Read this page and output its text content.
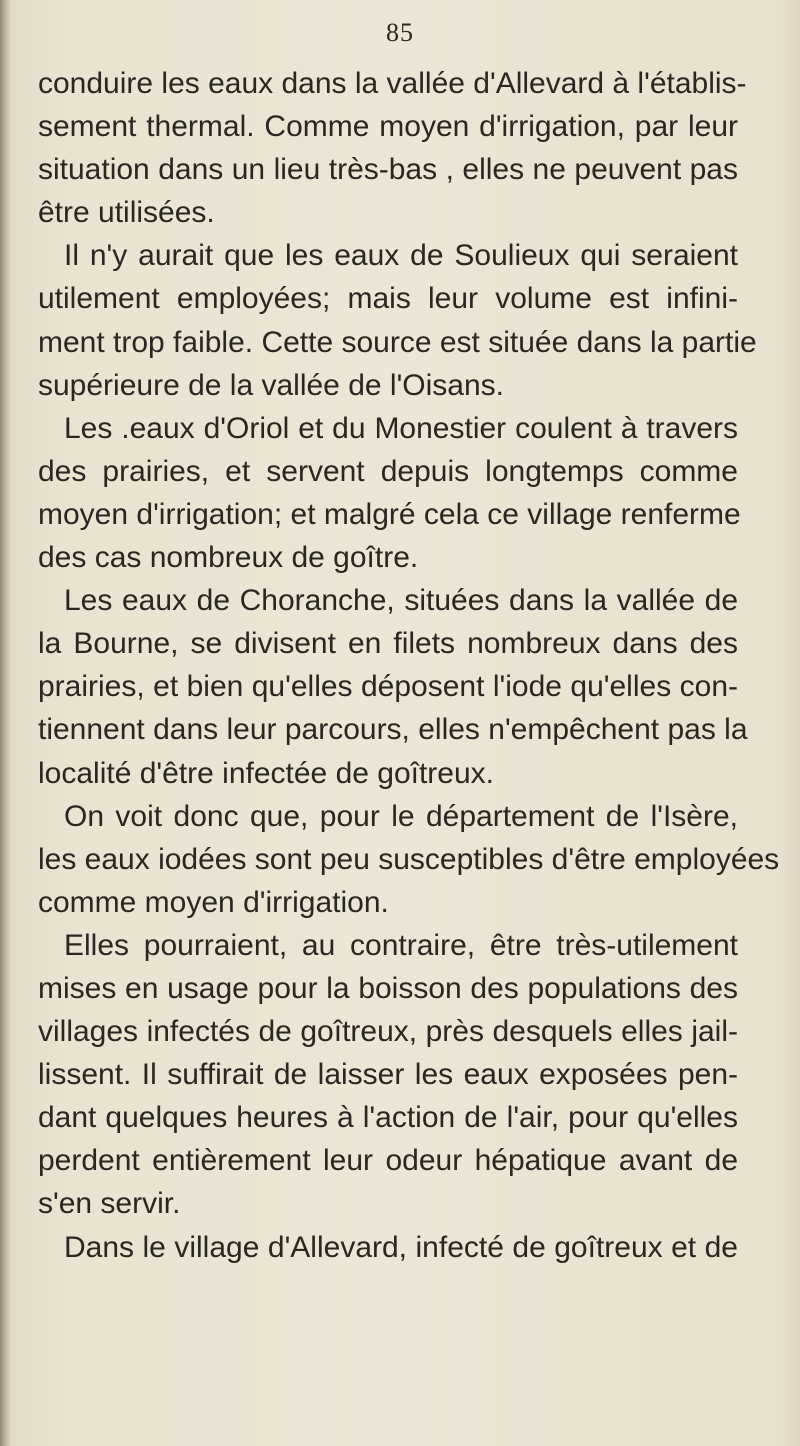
85
conduire les eaux dans la vallée d'Allevard à l'établis-
sement thermal. Comme moyen d'irrigation, par leur
situation dans un lieu très-bas , elles ne peuvent pas
être utilisées.
Il n'y aurait que les eaux de Soulieux qui seraient
utilement employées; mais leur volume est infini-
ment trop faible. Cette source est située dans la partie
supérieure de la vallée de l'Oisans.
Les .eaux d'Oriol et du Monestier coulent à travers
des prairies, et servent depuis longtemps comme
moyen d'irrigation; et malgré cela ce village renferme
des cas nombreux de goître.
Les eaux de Choranche, situées dans la vallée de
la Bourne, se divisent en filets nombreux dans des
prairies, et bien qu'elles déposent l'iode qu'elles con-
tiennent dans leur parcours, elles n'empêchent pas la
localité d'être infectée de goîtreux.
On voit donc que, pour le département de l'Isère,
les eaux iodées sont peu susceptibles d'être employées
comme moyen d'irrigation.
Elles pourraient, au contraire, être très-utilement
mises en usage pour la boisson des populations des
villages infectés de goîtreux, près desquels elles jail-
lissent. Il suffirait de laisser les eaux exposées pen-
dant quelques heures à l'action de l'air, pour qu'elles
perdent entièrement leur odeur hépatique avant de
s'en servir.
Dans le village d'Allevard, infecté de goîtreux et de
